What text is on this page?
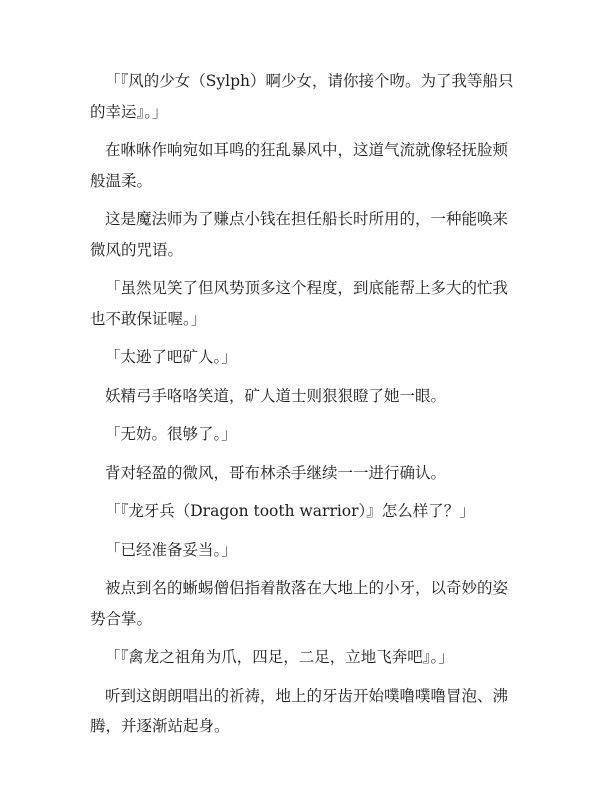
「『风的少女（Sylph）啊少女，请你接个吻。为了我等船只的幸运』。」

在咻咻作响宛如耳鸣的狂乱暴风中，这道气流就像轻抚脸颊般温柔。

这是魔法师为了赚点小钱在担任船长时所用的，一种能唤来微风的咒语。

「虽然见笑了但风势顶多这个程度，到底能帮上多大的忙我也不敢保证喔。」

「太逊了吧矿人。」

妖精弓手咯咯笑道，矿人道士则狠狠瞪了她一眼。

「无妨。很够了。」

背对轻盈的微风，哥布林杀手继续一一进行确认。

「『龙牙兵（Dragon tooth warrior）』怎么样了？」

「已经准备妥当。」

被点到名的蜥蜴僧侣指着散落在大地上的小牙，以奇妙的姿势合掌。

「『禽龙之祖角为爪，四足，二足，立地飞奔吧』。」

听到这朗朗唱出的祈祷，地上的牙齿开始噗噜噗噜冒泡、沸腾，并逐渐站起身。
